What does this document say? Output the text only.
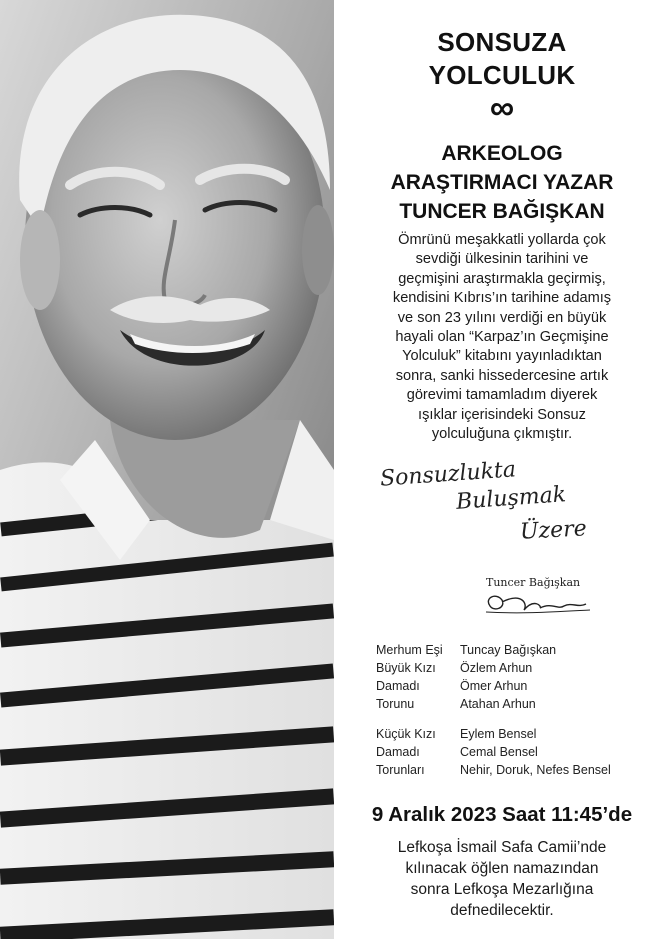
SONSUZA
YOLCULUK
∞
ARKEOLOG
ARAŞTIRMACI YAZAR
TUNCER BAĞIŞKAN
Ömrünü meşakkatli yollarda çok
sevdiği ülkesinin tarihini ve
geçmişini araştırmakla geçirmiş,
kendisini Kıbrıs’ın tarihine adamış
ve son 23 yılını verdiği en büyük
hayali olan “Karpaz’ın Geçmişine
Yolculuk” kitabını yayınladıktan
sonra, sanki hissedercesine artık
görevimi tamamladım diyerek
ışıklar içerisindeki Sonsuz
yolculuğuna çıkmıştır.
Sonsuzlukta
Buluşmak
Üzere
Tuncer Bağışkan
Merhum Eşi	Tuncay Bağışkan
Büyük Kızı	Özlem Arhun
Damadı	Ömer Arhun
Torunu	Atahan Arhun
Küçük Kızı	Eylem Bensel
Damadı	Cemal Bensel
Torunları	Nehir, Doruk, Nefes Bensel
9 Aralık 2023 Saat 11:45’de
Lefkoşa İsmail Safa Camii’nde
kılınacak öğlen namazından
sonra Lefkoşa Mezarlığına
defnedilecektir.
